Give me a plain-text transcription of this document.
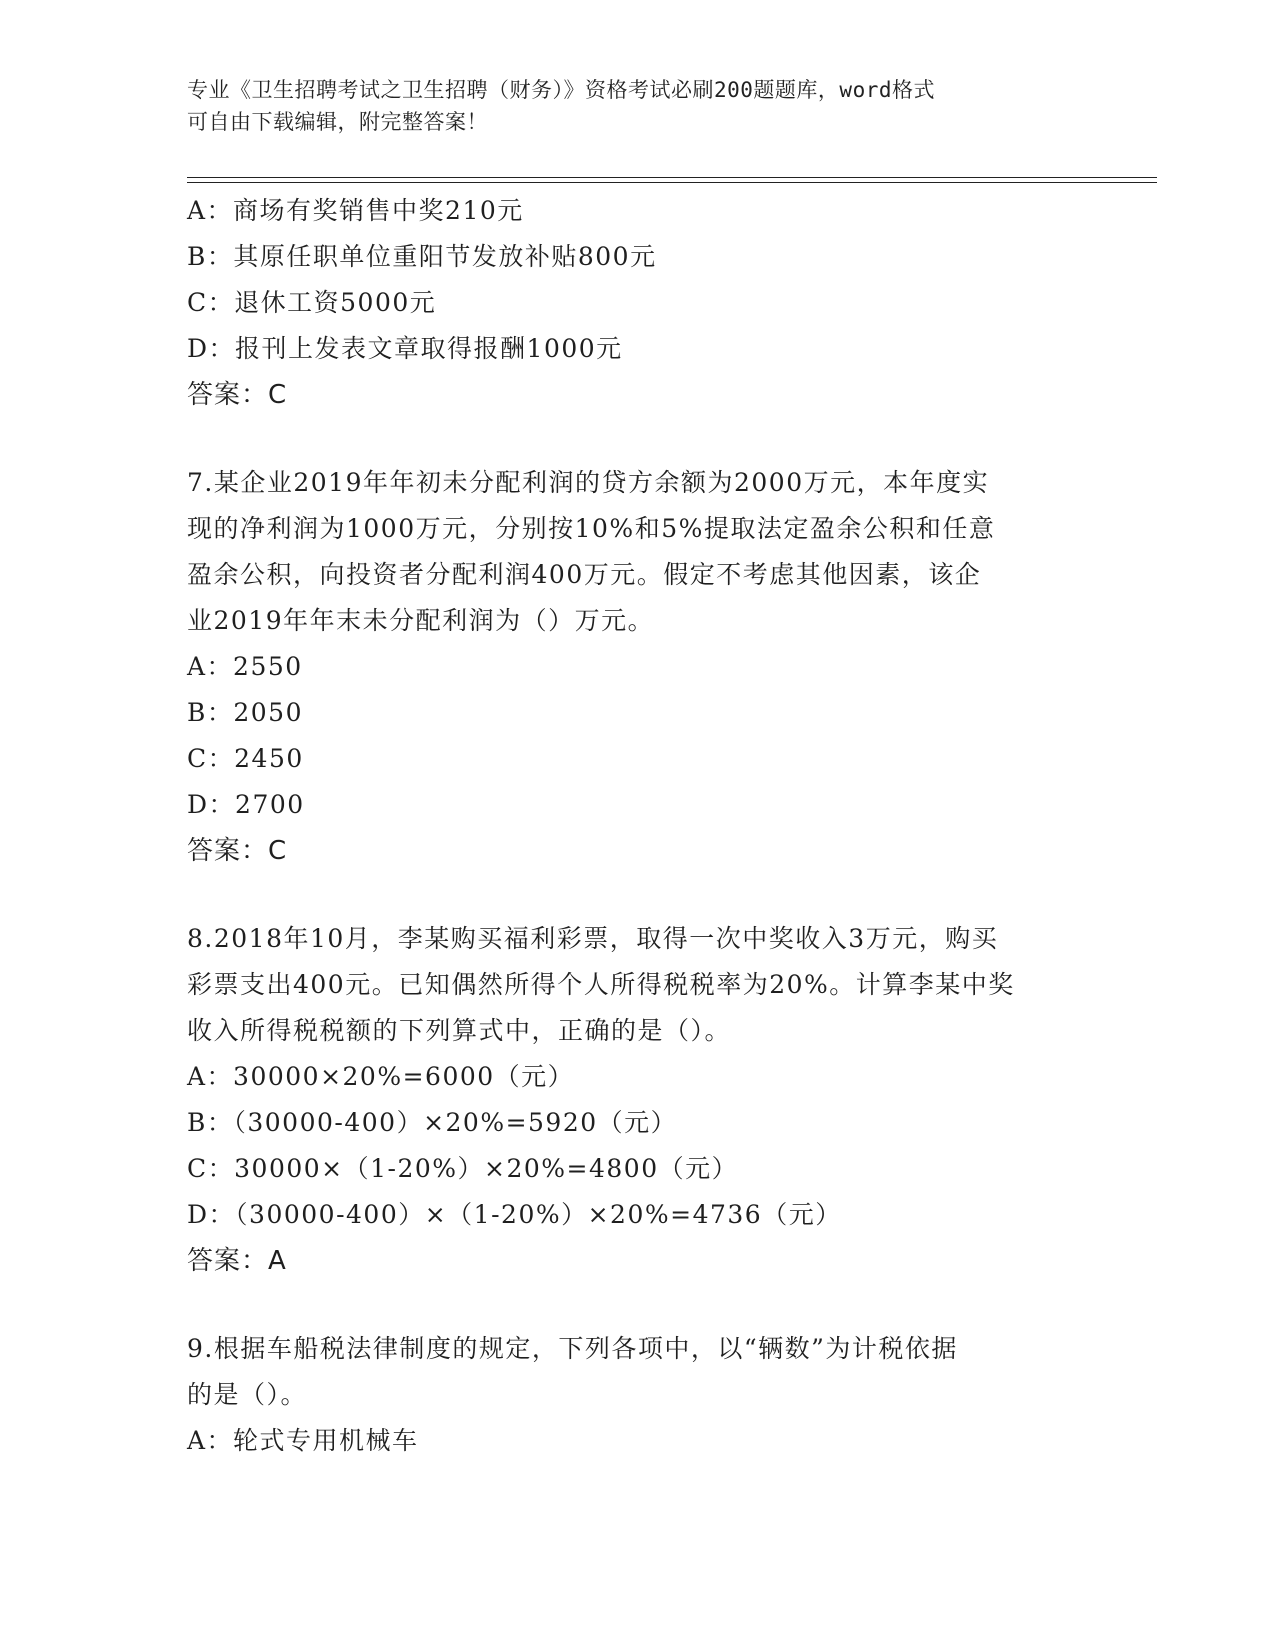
专业《卫生招聘考试之卫生招聘（财务）》资格考试必刷200题题库，word格式
可自由下载编辑，附完整答案！
A：商场有奖销售中奖210元
B：其原任职单位重阳节发放补贴800元
C：退休工资5000元
D：报刊上发表文章取得报酬1000元
答案：C
7.某企业2019年年初未分配利润的贷方余额为2000万元，本年度实
现的净利润为1000万元，分别按10%和5%提取法定盈余公积和任意
盈余公积，向投资者分配利润400万元。假定不考虑其他因素，该企
业2019年年末未分配利润为（）万元。
A：2550
B：2050
C：2450
D：2700
答案：C
8.2018年10月，李某购买福利彩票，取得一次中奖收入3万元，购买
彩票支出400元。已知偶然所得个人所得税税率为20%。计算李某中奖
收入所得税税额的下列算式中，正确的是（）。
A：30000×20%=6000（元）
B：（30000-400）×20%=5920（元）
C：30000×（1-20%）×20%=4800（元）
D：（30000-400）×（1-20%）×20%=4736（元）
答案：A
9.根据车船税法律制度的规定，下列各项中，以“辆数”为计税依据
的是（）。
A：轮式专用机械车
